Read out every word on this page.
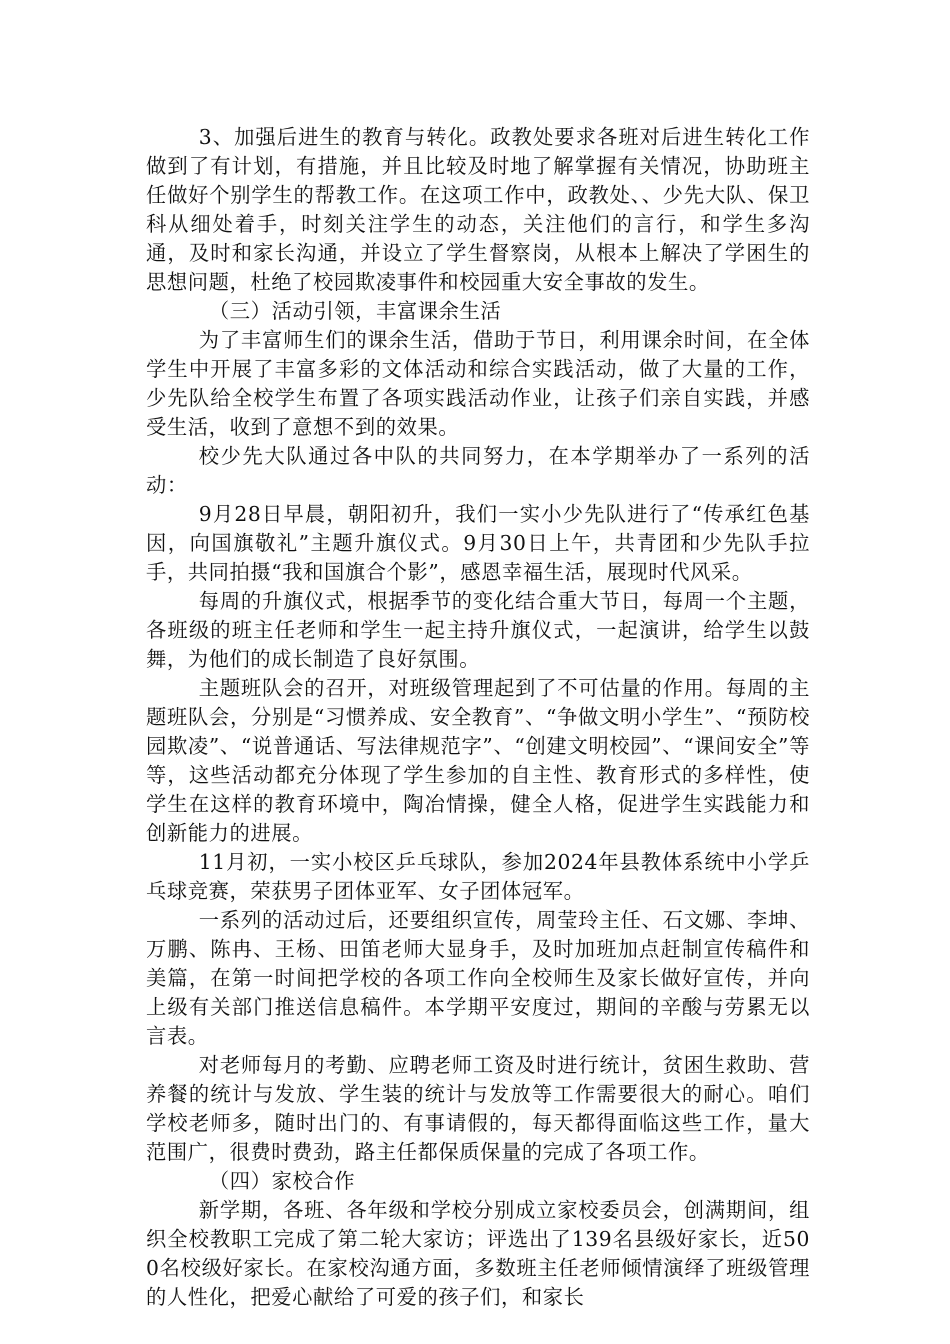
3、加强后进生的教育与转化。政教处要求各班对后进生转化工作做到了有计划，有措施，并且比较及时地了解掌握有关情况，协助班主任做好个别学生的帮教工作。在这项工作中，政教处、、少先大队、保卫科从细处着手，时刻关注学生的动态，关注他们的言行，和学生多沟通，及时和家长沟通，并设立了学生督察岗，从根本上解决了学困生的思想问题，杜绝了校园欺凌事件和校园重大安全事故的发生。

（三）活动引领，丰富课余生活

为了丰富师生们的课余生活，借助于节日，利用课余时间，在全体学生中开展了丰富多彩的文体活动和综合实践活动，做了大量的工作，少先队给全校学生布置了各项实践活动作业，让孩子们亲自实践，并感受生活，收到了意想不到的效果。

校少先大队通过各中队的共同努力，在本学期举办了一系列的活动：

9月28日早晨，朝阳初升，我们一实小少先队进行了“传承红色基因，向国旗敬礼”主题升旗仪式。9月30日上午，共青团和少先队手拉手，共同拍摄“我和国旗合个影”，感恩幸福生活，展现时代风采。

每周的升旗仪式，根据季节的变化结合重大节日，每周一个主题，各班级的班主任老师和学生一起主持升旗仪式，一起演讲，给学生以鼓舞，为他们的成长制造了良好氛围。

主题班队会的召开，对班级管理起到了不可估量的作用。每周的主题班队会，分别是“习惯养成、安全教育”、“争做文明小学生”、“预防校园欺凌”、“说普通话、写法律规范字”、“创建文明校园”、“课间安全”等等，这些活动都充分体现了学生参加的自主性、教育形式的多样性，使学生在这样的教育环境中，陶冶情操，健全人格，促进学生实践能力和创新能力的进展。

11月初，一实小校区乒乓球队，参加2024年县教体系统中小学乒乓球竞赛，荣获男子团体亚军、女子团体冠军。

一系列的活动过后，还要组织宣传，周莹玲主任、石文娜、李坤、万鹏、陈冉、王杨、田笛老师大显身手，及时加班加点赶制宣传稿件和美篇，在第一时间把学校的各项工作向全校师生及家长做好宣传，并向上级有关部门推送信息稿件。本学期平安度过，期间的辛酸与劳累无以言表。

对老师每月的考勤、应聘老师工资及时进行统计，贫困生救助、营养餐的统计与发放、学生装的统计与发放等工作需要很大的耐心。咱们学校老师多，随时出门的、有事请假的，每天都得面临这些工作，量大范围广，很费时费劲，路主任都保质保量的完成了各项工作。

（四）家校合作

新学期，各班、各年级和学校分别成立家校委员会，创满期间，组织全校教职工完成了第二轮大家访；评选出了139名县级好家长，近500名校级好家长。在家校沟通方面，多数班主任老师倾情演绎了班级管理的人性化，把爱心献给了可爱的孩子们，和家长
